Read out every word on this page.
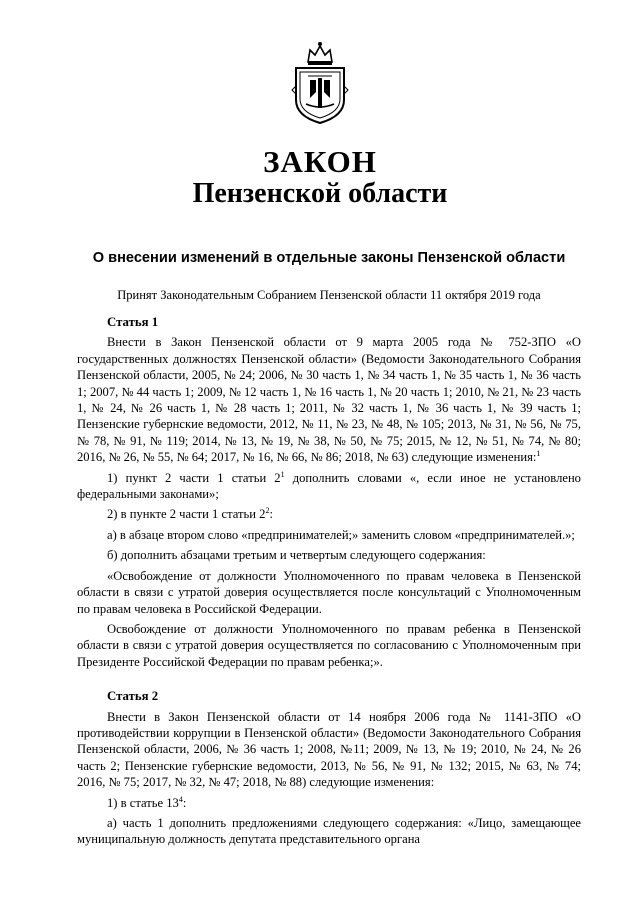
ЗАКОН
Пензенской области
О внесении изменений в отдельные законы Пензенской области
Принят Законодательным Собранием Пензенской области 11 октября 2019 года
Статья 1

Внести в Закон Пензенской области от 9 марта 2005 года № 752-ЗПО «О государственных должностях Пензенской области» (Ведомости Законодательного Собрания Пензенской области, 2005, № 24; 2006, № 30 часть 1, № 34 часть 1, № 35 часть 1, № 36 часть 1; 2007, № 44 часть 1; 2009, № 12 часть 1, № 16 часть 1, № 20 часть 1; 2010, № 21, № 23 часть 1, № 24, № 26 часть 1, № 28 часть 1; 2011, № 32 часть 1, № 36 часть 1, № 39 часть 1; Пензенские губернские ведомости, 2012, № 11, № 23, № 48, № 105; 2013, № 31, № 56, № 75, № 78, № 91, № 119; 2014, № 13, № 19, № 38, № 50, № 75; 2015, № 12, № 51, № 74, № 80; 2016, № 26, № 55, № 64; 2017, № 16, № 66, № 86; 2018, № 63) следующие изменения:$^1$

1) пункт 2 части 1 статьи $2^1$ дополнить словами «, если иное не установлено федеральными законами»;

2) в пункте 2 части 1 статьи $2^2$:

а) в абзаце втором слово «предпринимателей;» заменить словом «предпринимателей.»;

б) дополнить абзацами третьим и четвертым следующего содержания:

«Освобождение от должности Уполномоченного по правам человека в Пензенской области в связи с утратой доверия осуществляется после консультаций с Уполномоченным по правам человека в Российской Федерации.

Освобождение от должности Уполномоченного по правам ребенка в Пензенской области в связи с утратой доверия осуществляется по согласованию с Уполномоченным при Президенте Российской Федерации по правам ребенка;».

Статья 2

Внести в Закон Пензенской области от 14 ноября 2006 года № 1141-ЗПО «О противодействии коррупции в Пензенской области» (Ведомости Законодательного Собрания Пензенской области, 2006, № 36 часть 1; 2008, №11; 2009, № 13, № 19; 2010, № 24, № 26 часть 2; Пензенские губернские ведомости, 2013, № 56, № 91, № 132; 2015, № 63, № 74; 2016, № 75; 2017, № 32, № 47; 2018, № 88) следующие изменения:

1) в статье $13^4$:

а) часть 1 дополнить предложениями следующего содержания: «Лицо, замещающее муниципальную должность депутата представительного органа
